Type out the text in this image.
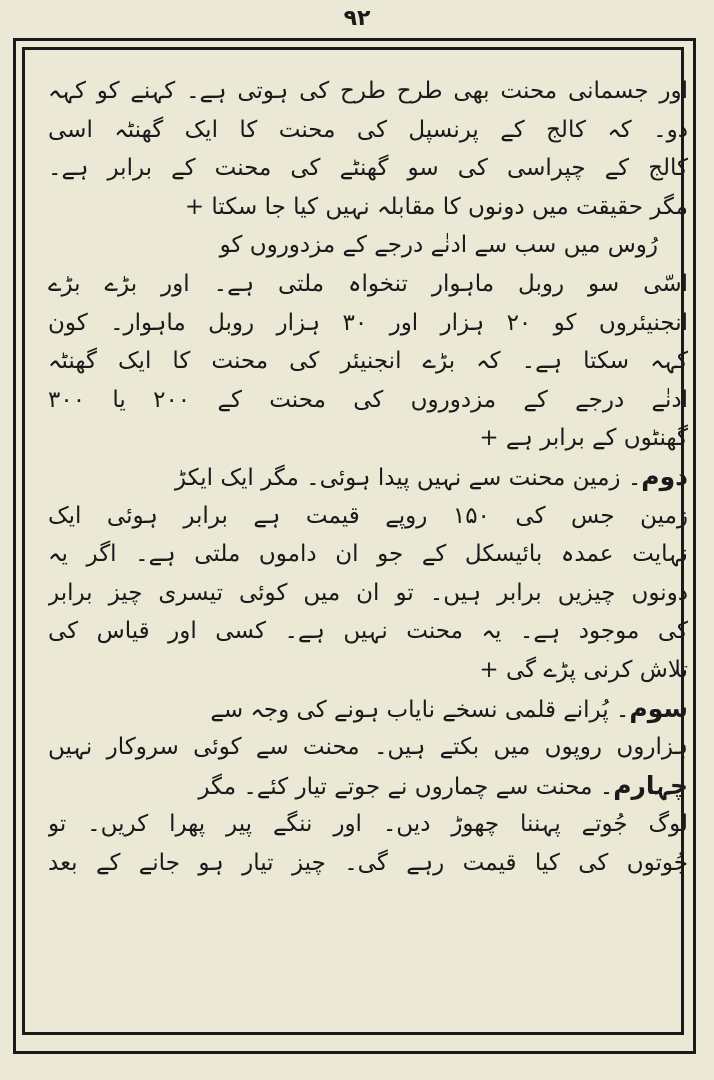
۹۲
اور جسمانی محنت بھی طرح طرح کی ہوتی ہے۔ کہنے کو کہہ
دو۔ کہ کالج کے پرنسپل کی محنت کا ایک گھنٹہ اسی
کالج کے چپراسی کی سو گھنٹے کی محنت کے برابر ہے۔
مگر حقیقت میں دونوں کا مقابلہ نہیں کیا جا سکتا +
رُوس میں سب سے ادنٰے درجے کے مزدوروں کو
اسّی سو روبل ماہوار تنخواہ ملتی ہے۔ اور بڑے بڑے
انجنیئروں کو ۲۰ ہزار اور ۳۰ ہزار روبل ماہوار۔ کون
کہہ سکتا ہے۔ کہ بڑے انجنیئر کی محنت کا ایک گھنٹہ
ادنٰے درجے کے مزدوروں کی محنت کے ۲۰۰ یا ۳۰۰
گھنٹوں کے برابر ہے +
دوم۔ زمین محنت سے نہیں پیدا ہوئی۔ مگر ایک ایکڑ
زمین جس کی ۱۵۰ روپے قیمت ہے برابر ہوئی ایک
نہایت عمدہ بائیسکل کے جو ان داموں ملتی ہے۔ اگر یہ
دونوں چیزیں برابر ہیں۔ تو ان میں کوئی تیسری چیز برابر
کی موجود ہے۔ یہ محنت نہیں ہے۔ کسی اور قیاس کی
تلاش کرنی پڑے گی +
سوم۔ پُرانے قلمی نسخے نایاب ہونے کی وجہ سے
ہزاروں روپوں میں بکتے ہیں۔ محنت سے کوئی سروکار نہیں
چہارم۔ محنت سے چماروں نے جوتے تیار کئے۔ مگر
لوگ جُوتے پہننا چھوڑ دیں۔ اور ننگے پیر پھرا کریں۔ تو
جُوتوں کی کیا قیمت رہے گی۔ چیز تیار ہو جانے کے بعد
